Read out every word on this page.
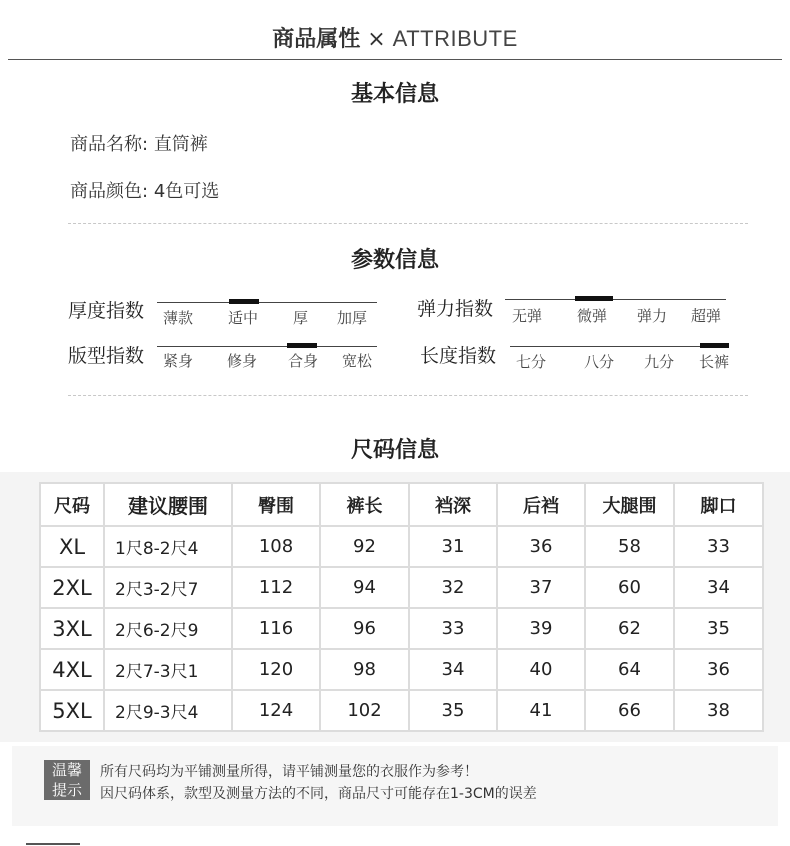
商品属性 × ATTRIBUTE
基本信息
商品名称: 直筒裤
商品颜色: 4色可选
参数信息
厚度指数 薄款 适中 厚 加厚	弹力指数 无弹 微弹 弹力 超弹
版型指数 紧身 修身 合身 宽松	长度指数 七分	八分 九分 长裤
尺码信息
尺码	建议腰围	臀围	裤长	裆深	后裆	大腿围	脚口
XL	1尺8-2尺4	108	92	31	36	58	33
2XL	2尺3-2尺7	112	94	32	37	60	34
3XL	2尺6-2尺9	116	96	33	39	62	35
4XL	2尺7-3尺1	120	98	34	40	64	36
5XL	2尺9-3尺4	124	102	35	41	66	38
温馨
提示
所有尺码均为平铺测量所得，请平铺测量您的衣服作为参考！
因尺码体系，款型及测量方法的不同，商品尺寸可能存在1-3CM的误差
